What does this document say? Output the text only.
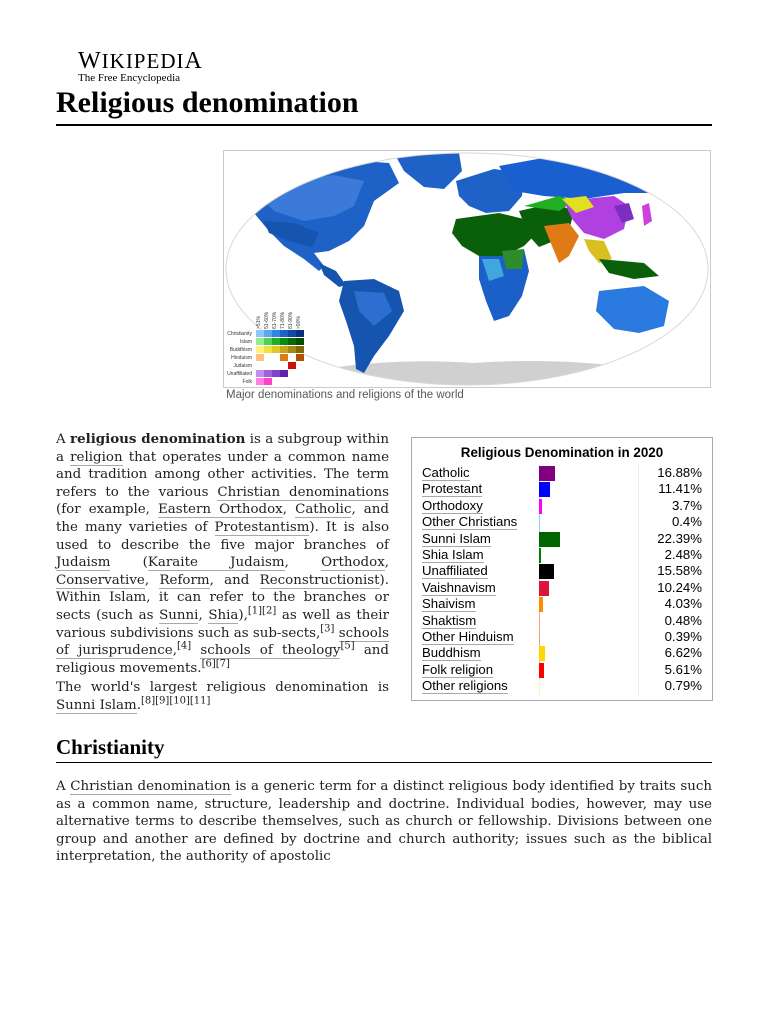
WIKIPEDIA
The Free Encyclopedia
Religious denomination
>51% 51-60% 61-70% 71-80% 81-90% >90%
Christianity
Islam
Buddhism
Hinduism
Judaism
Unaffiliated
Folk
Major denominations and religions of the world

A religious denomination is a subgroup within a religion that operates under a common name and tradition among other activities. The term refers to the various Christian denominations (for example, Eastern Orthodox, Catholic, and the many varieties of Protestantism). It is also used to describe the five major branches of Judaism (Karaite Judaism, Orthodox, Conservative, Reform, and Reconstructionist). Within Islam, it can refer to the branches or sects (such as Sunni, Shia),[1][2] as well as their various subdivisions such as sub-sects,[3] schools of jurisprudence,[4] schools of theology[5] and religious movements.[6][7]

The world's largest religious denomination is Sunni Islam.[8][9][10][11]

Religious Denomination in 2020
Catholic	16.88%
Protestant	11.41%
Orthodoxy	3.7%
Other Christians	0.4%
Sunni Islam	22.39%
Shia Islam	2.48%
Unaffiliated	15.58%
Vaishnavism	10.24%
Shaivism	4.03%
Shaktism	0.48%
Other Hinduism	0.39%
Buddhism	6.62%
Folk religion	5.61%
Other religions	0.79%
Christianity

A Christian denomination is a generic term for a distinct religious body identified by traits such as a common name, structure, leadership and doctrine. Individual bodies, however, may use alternative terms to describe themselves, such as church or fellowship. Divisions between one group and another are defined by doctrine and church authority; issues such as the biblical interpretation, the authority of apostolic
